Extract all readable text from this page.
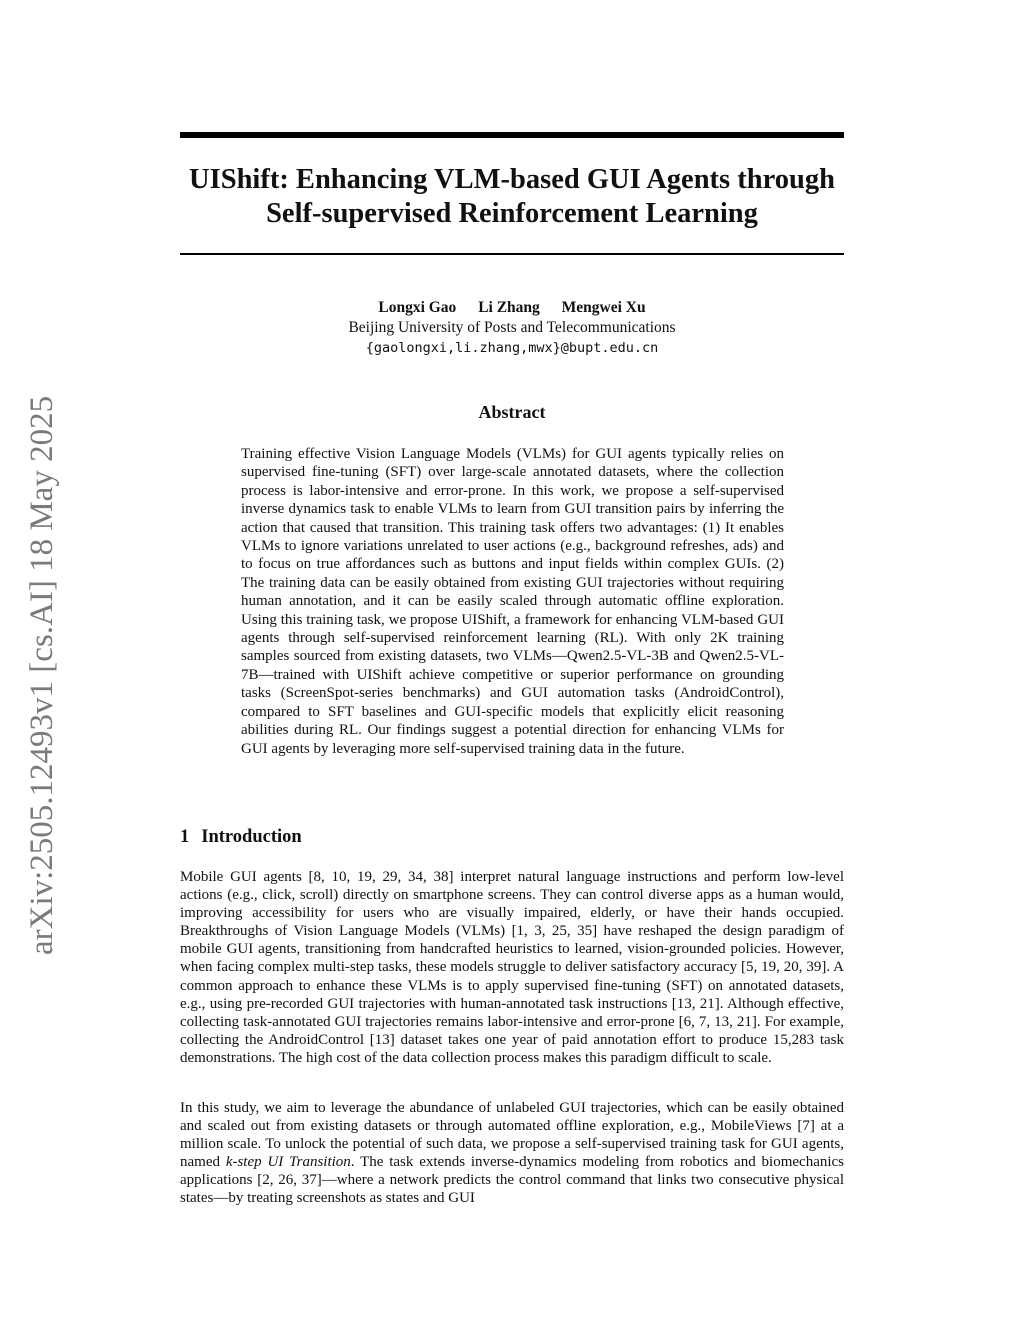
arXiv:2505.12493v1 [cs.AI] 18 May 2025
UIShift: Enhancing VLM-based GUI Agents through
Self-supervised Reinforcement Learning
Longxi Gao Li Zhang Mengwei Xu
Beijing University of Posts and Telecommunications
{gaolongxi,li.zhang,mwx}@bupt.edu.cn
Abstract

Training effective Vision Language Models (VLMs) for GUI agents typically relies on supervised fine-tuning (SFT) over large-scale annotated datasets, where the collection process is labor-intensive and error-prone. In this work, we propose a self-supervised inverse dynamics task to enable VLMs to learn from GUI transition pairs by inferring the action that caused that transition. This training task offers two advantages: (1) It enables VLMs to ignore variations unrelated to user actions (e.g., background refreshes, ads) and to focus on true affordances such as buttons and input fields within complex GUIs. (2) The training data can be easily obtained from existing GUI trajectories without requiring human annotation, and it can be easily scaled through automatic offline exploration. Using this training task, we propose UIShift, a framework for enhancing VLM-based GUI agents through self-supervised reinforcement learning (RL). With only 2K training samples sourced from existing datasets, two VLMs—Qwen2.5-VL-3B and Qwen2.5-VL-7B—trained with UIShift achieve competitive or superior performance on grounding tasks (ScreenSpot-series benchmarks) and GUI automation tasks (AndroidControl), compared to SFT baselines and GUI-specific models that explicitly elicit reasoning abilities during RL. Our findings suggest a potential direction for enhancing VLMs for GUI agents by leveraging more self-supervised training data in the future.

1 Introduction

Mobile GUI agents [8, 10, 19, 29, 34, 38] interpret natural language instructions and perform low-level actions (e.g., click, scroll) directly on smartphone screens. They can control diverse apps as a human would, improving accessibility for users who are visually impaired, elderly, or have their hands occupied. Breakthroughs of Vision Language Models (VLMs) [1, 3, 25, 35] have reshaped the design paradigm of mobile GUI agents, transitioning from handcrafted heuristics to learned, vision-grounded policies. However, when facing complex multi-step tasks, these models struggle to deliver satisfactory accuracy [5, 19, 20, 39]. A common approach to enhance these VLMs is to apply supervised fine-tuning (SFT) on annotated datasets, e.g., using pre-recorded GUI trajectories with human-annotated task instructions [13, 21]. Although effective, collecting task-annotated GUI trajectories remains labor-intensive and error-prone [6, 7, 13, 21]. For example, collecting the AndroidControl [13] dataset takes one year of paid annotation effort to produce 15,283 task demonstrations. The high cost of the data collection process makes this paradigm difficult to scale.

In this study, we aim to leverage the abundance of unlabeled GUI trajectories, which can be easily obtained and scaled out from existing datasets or through automated offline exploration, e.g., MobileViews [7] at a million scale. To unlock the potential of such data, we propose a self-supervised training task for GUI agents, named k-step UI Transition. The task extends inverse-dynamics modeling from robotics and biomechanics applications [2, 26, 37]—where a network predicts the control command that links two consecutive physical states—by treating screenshots as states and GUI
